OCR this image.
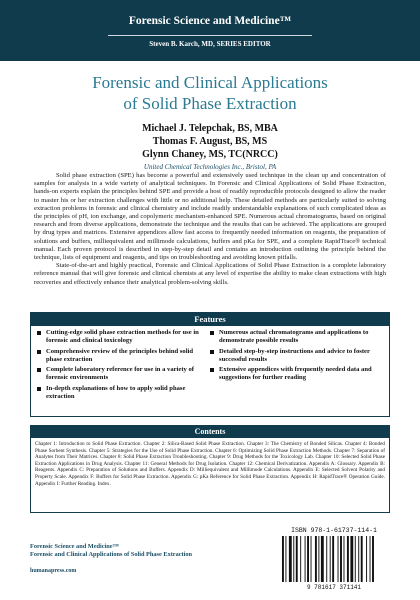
Forensic Science and Medicine™
Steven B. Karch, MD, SERIES EDITOR
Forensic and Clinical Applications
of Solid Phase Extraction
Michael J. Telepchak, BS, MBA
Thomas F. August, BS, MS
Glynn Chaney, MS, TC(NRCC)
United Chemical Technologies Inc., Bristol, PA

Solid phase extraction (SPE) has become a powerful and extensively used technique in the clean up and concentration of samples for analysis in a wide variety of analytical techniques. In Forensic and Clinical Applications of Solid Phase Extraction, hands-on experts explain the principles behind SPE and provide a host of readily reproducible protocols designed to allow the reader to master his or her extraction challenges with little or no additional help. These detailed methods are particularly suited to solving extraction problems in forensic and clinical chemistry and include readily understandable explanations of such complicated ideas as the principles of pH, ion exchange, and copolymeric mechanism-enhanced SPE. Numerous actual chromatograms, based on original research and from diverse applications, demonstrate the technique and the results that can be achieved. The applications are grouped by drug types and matrices. Extensive appendices allow fast access to frequently needed information on reagents, the preparation of solutions and buffers, milliequivalent and millimode calculations, buffers and pKa for SPE, and a complete RapidTrace® technical manual. Each proven protocol is described in step-by-step detail and contains an introduction outlining the principle behind the technique, lists of equipment and reagents, and tips on troubleshooting and avoiding known pitfalls.

State-of-the-art and highly practical, Forensic and Clinical Applications of Solid Phase Extraction is a complete laboratory reference manual that will give forensic and clinical chemists at any level of expertise the ability to make clean extractions with high recoveries and effectively enhance their analytical problem-solving skills.

Features
Cutting-edge solid phase extraction methods for use in forensic and clinical toxicology
Comprehensive review of the principles behind solid phase extraction
Complete laboratory reference for use in a variety of forensic environments
In-depth explanations of how to apply solid phase extraction
Numerous actual chromatograms and applications to demonstrate possible results
Detailed step-by-step instructions and advice to foster successful results
Extensive appendices with frequently needed data and suggestions for further reading
Contents
Chapter 1: Introduction to Solid Phase Extraction. Chapter 2: Silica-Based Solid Phase Extraction. Chapter 3: The Chemistry of Bonded Silicas. Chapter 4: Bonded Phase Sorbent Synthesis. Chapter 5: Strategies for the Use of Solid Phase Extraction. Chapter 6: Optimizing Solid Phase Extraction Methods. Chapter 7: Separation of Analytes from Their Matrices. Chapter 8: Solid Phase Extraction Troubleshooting. Chapter 9: Drug Methods for the Toxicology Lab. Chapter 10: Selected Solid Phase Extraction Applications in Drug Analysis. Chapter 11: General Methods for Drug Isolation. Chapter 12: Chemical Derivatization. Appendix A: Glossary. Appendix B: Reagents. Appendix C: Preparation of Solutions and Buffers. Appendix D: Milliequivalent and Millimode Calculations. Appendix E: Selected Solvent Polarity and Property Scale. Appendix F: Buffers for Solid Phase Extraction. Appendix G: pKa Reference for Solid Phase Extraction. Appendix H: RapidTrace® Operation Guide. Appendix I: Further Reading. Index.
Forensic Science and Medicine™
Forensic and Clinical Applications of Solid Phase Extraction
humanapress.com
ISBN 978-1-61737-114-1
9 781617 371141
